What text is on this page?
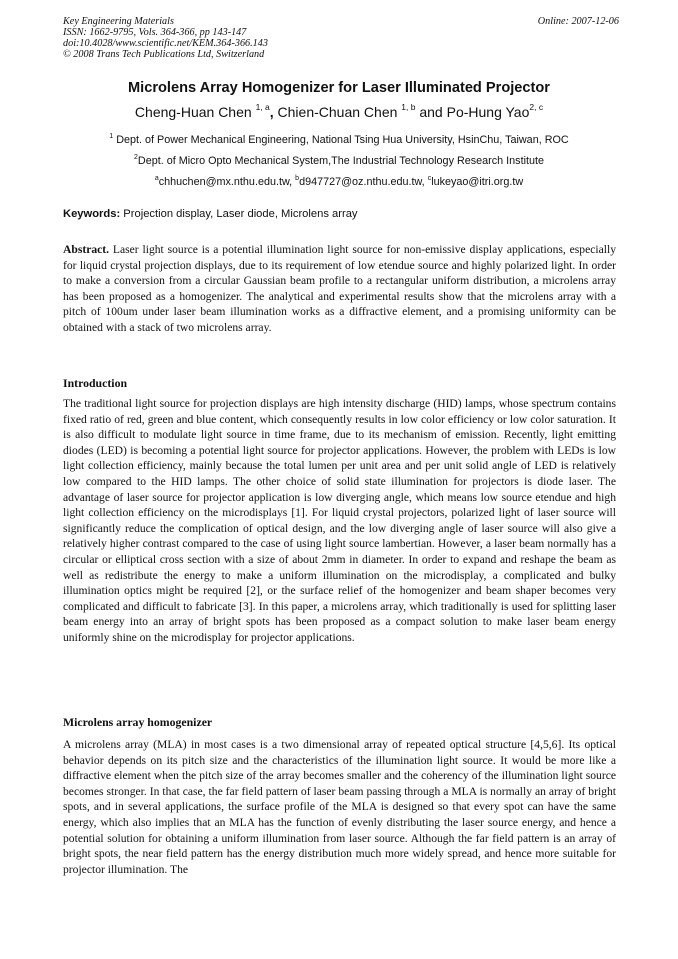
Key Engineering Materials
ISSN: 1662-9795, Vols. 364-366, pp 143-147
doi:10.4028/www.scientific.net/KEM.364-366.143
© 2008 Trans Tech Publications Ltd, Switzerland
Online: 2007-12-06
Microlens Array Homogenizer for Laser Illuminated Projector
Cheng-Huan Chen $^{1, a}$, Chien-Chuan Chen $^{1, b}$ and Po-Hung Yao$^{2, c}$
$^1$ Dept. of Power Mechanical Engineering, National Tsing Hua University, HsinChu, Taiwan, ROC
$^2$Dept. of Micro Opto Mechanical System,The Industrial Technology Research Institute
$^a$chhuchen@mx.nthu.edu.tw, $^b$d947727@oz.nthu.edu.tw, $^c$lukeyao@itri.org.tw
Keywords: Projection display, Laser diode, Microlens array
Abstract. Laser light source is a potential illumination light source for non-emissive display applications, especially for liquid crystal projection displays, due to its requirement of low etendue source and highly polarized light. In order to make a conversion from a circular Gaussian beam profile to a rectangular uniform distribution, a microlens array has been proposed as a homogenizer. The analytical and experimental results show that the microlens array with a pitch of 100um under laser beam illumination works as a diffractive element, and a promising uniformity can be obtained with a stack of two microlens array.
Introduction
The traditional light source for projection displays are high intensity discharge (HID) lamps, whose spectrum contains fixed ratio of red, green and blue content, which consequently results in low color efficiency or low color saturation. It is also difficult to modulate light source in time frame, due to its mechanism of emission. Recently, light emitting diodes (LED) is becoming a potential light source for projector applications. However, the problem with LEDs is low light collection efficiency, mainly because the total lumen per unit area and per unit solid angle of LED is relatively low compared to the HID lamps. The other choice of solid state illumination for projectors is diode laser. The advantage of laser source for projector application is low diverging angle, which means low source etendue and high light collection efficiency on the microdisplays [1]. For liquid crystal projectors, polarized light of laser source will significantly reduce the complication of optical design, and the low diverging angle of laser source will also give a relatively higher contrast compared to the case of using light source lambertian. However, a laser beam normally has a circular or elliptical cross section with a size of about 2mm in diameter. In order to expand and reshape the beam as well as redistribute the energy to make a uniform illumination on the microdisplay, a complicated and bulky illumination optics might be required [2], or the surface relief of the homogenizer and beam shaper becomes very complicated and difficult to fabricate [3]. In this paper, a microlens array, which traditionally is used for splitting laser beam energy into an array of bright spots has been proposed as a compact solution to make laser beam energy uniformly shine on the microdisplay for projector applications.
Microlens array homogenizer
A microlens array (MLA) in most cases is a two dimensional array of repeated optical structure [4,5,6]. Its optical behavior depends on its pitch size and the characteristics of the illumination light source. It would be more like a diffractive element when the pitch size of the array becomes smaller and the coherency of the illumination light source becomes stronger. In that case, the far field pattern of laser beam passing through a MLA is normally an array of bright spots, and in several applications, the surface profile of the MLA is designed so that every spot can have the same energy, which also implies that an MLA has the function of evenly distributing the laser source energy, and hence a potential solution for obtaining a uniform illumination from laser source. Although the far field pattern is an array of bright spots, the near field pattern has the energy distribution much more widely spread, and hence more suitable for projector illumination. The
